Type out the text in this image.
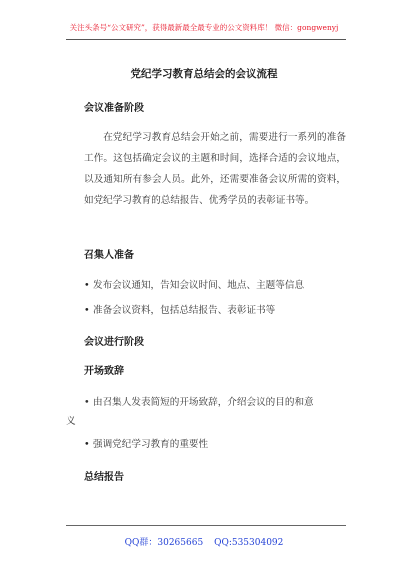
关注头条号“公文研究”，获得最新最全最专业的公文资料库！ 微信：gongwenyj
党纪学习教育总结会的会议流程
会议准备阶段

在党纪学习教育总结会开始之前，需要进行一系列的准备工作。这包括确定会议的主题和时间，选择合适的会议地点，以及通知所有参会人员。此外，还需要准备会议所需的资料，如党纪学习教育的总结报告、优秀学员的表彰证书等。

召集人准备

• 发布会议通知，告知会议时间、地点、主题等信息

• 准备会议资料，包括总结报告、表彰证书等

会议进行阶段
开场致辞

• 由召集人发表简短的开场致辞，介绍会议的目的和意
义

• 强调党纪学习教育的重要性

总结报告
QQ群：30265665 QQ:535304092
